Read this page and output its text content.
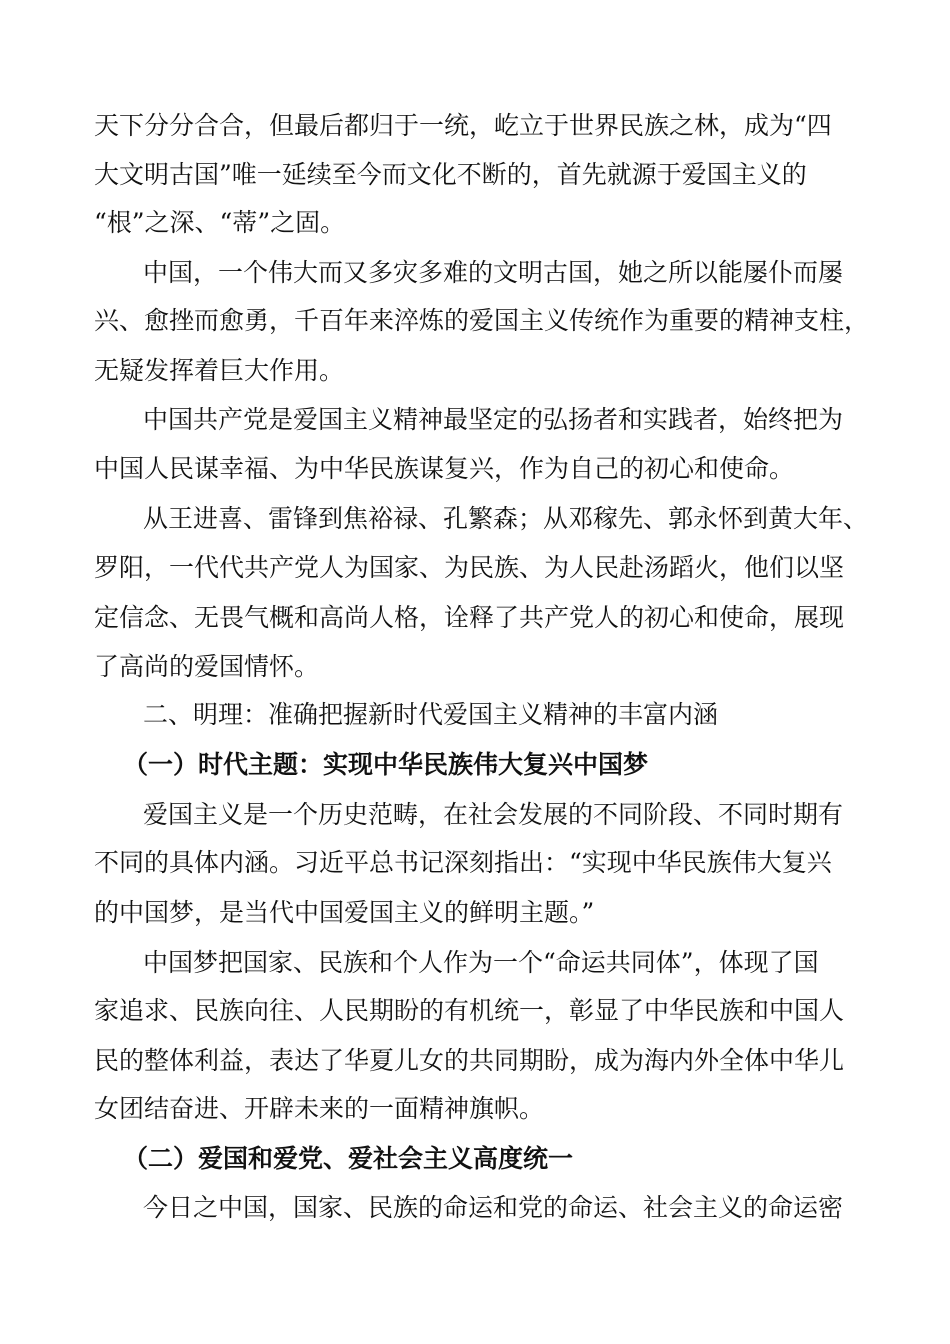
天下分分合合，但最后都归于一统，屹立于世界民族之林，成为“四
大文明古国”唯一延续至今而文化不断的，首先就源于爱国主义的
“根”之深、“蒂”之固。
中国，一个伟大而又多灾多难的文明古国，她之所以能屡仆而屡
兴、愈挫而愈勇，千百年来淬炼的爱国主义传统作为重要的精神支柱，
无疑发挥着巨大作用。
中国共产党是爱国主义精神最坚定的弘扬者和实践者，始终把为
中国人民谋幸福、为中华民族谋复兴，作为自己的初心和使命。
从王进喜、雷锋到焦裕禄、孔繁森；从邓稼先、郭永怀到黄大年、
罗阳，一代代共产党人为国家、为民族、为人民赴汤蹈火，他们以坚
定信念、无畏气概和高尚人格，诠释了共产党人的初心和使命，展现
了高尚的爱国情怀。
二、明理：准确把握新时代爱国主义精神的丰富内涵
（一）时代主题：实现中华民族伟大复兴中国梦
爱国主义是一个历史范畴，在社会发展的不同阶段、不同时期有
不同的具体内涵。习近平总书记深刻指出：“实现中华民族伟大复兴
的中国梦，是当代中国爱国主义的鲜明主题。”
中国梦把国家、民族和个人作为一个“命运共同体”，体现了国
家追求、民族向往、人民期盼的有机统一，彰显了中华民族和中国人
民的整体利益，表达了华夏儿女的共同期盼，成为海内外全体中华儿
女团结奋进、开辟未来的一面精神旗帜。
（二）爱国和爱党、爱社会主义高度统一
今日之中国，国家、民族的命运和党的命运、社会主义的命运密
